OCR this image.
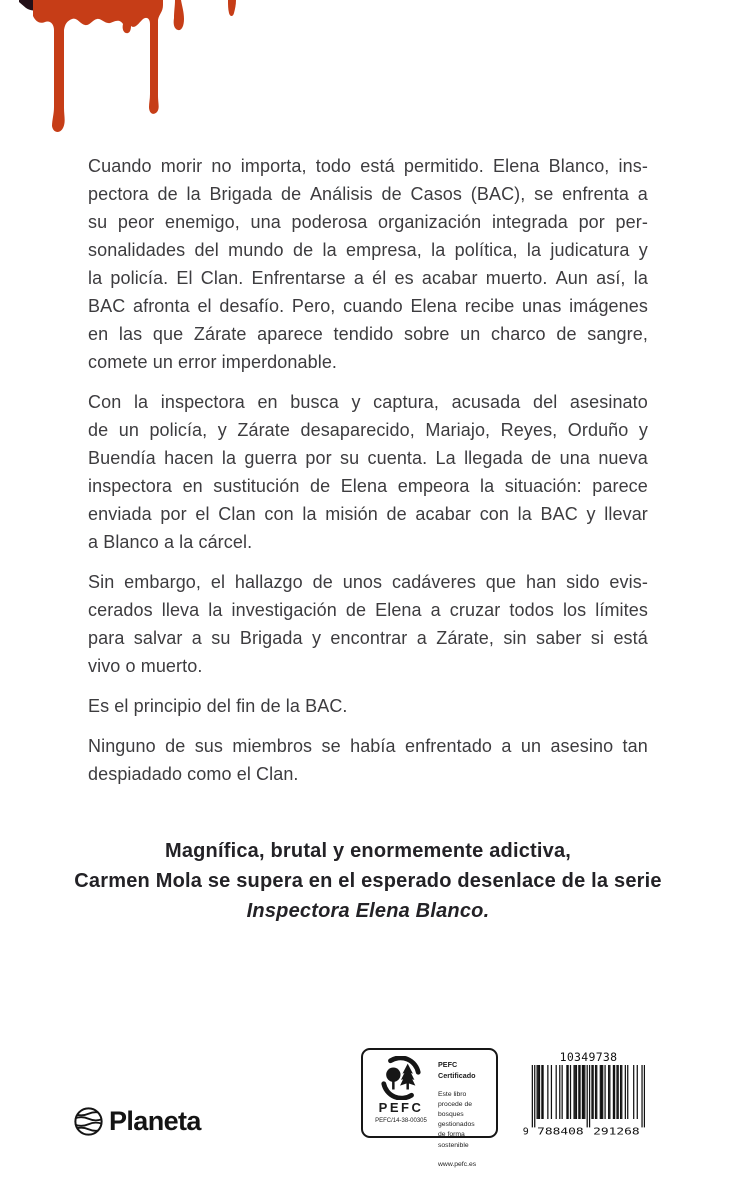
Cuando morir no importa, todo está permitido. Elena Blanco, ins-
pectora de la Brigada de Análisis de Casos (BAC), se enfrenta a
su peor enemigo, una poderosa organización integrada por per-
sonalidades del mundo de la empresa, la política, la judicatura y
la policía. El Clan. Enfrentarse a él es acabar muerto. Aun así, la
BAC afronta el desafío. Pero, cuando Elena recibe unas imágenes
en las que Zárate aparece tendido sobre un charco de sangre,
comete un error imperdonable.
Con la inspectora en busca y captura, acusada del asesinato
de un policía, y Zárate desaparecido, Mariajo, Reyes, Orduño y
Buendía hacen la guerra por su cuenta. La llegada de una nueva
inspectora en sustitución de Elena empeora la situación: parece
enviada por el Clan con la misión de acabar con la BAC y llevar
a Blanco a la cárcel.
Sin embargo, el hallazgo de unos cadáveres que han sido evis-
cerados lleva la investigación de Elena a cruzar todos los límites
para salvar a su Brigada y encontrar a Zárate, sin saber si está
vivo o muerto.
Es el principio del fin de la BAC.
Ninguno de sus miembros se había enfrentado a un asesino tan
despiadado como el Clan.
Magnífica, brutal y enormemente adictiva,
Carmen Mola se supera en el esperado desenlace de la serie
Inspectora Elena Blanco.
Planeta	PEFC
PEFC/14-38-00305
PEFC Certificado
Este libro procede de
bosques gestionados
de forma sostenible
www.pefc.es
10349738
9 788408 291268
